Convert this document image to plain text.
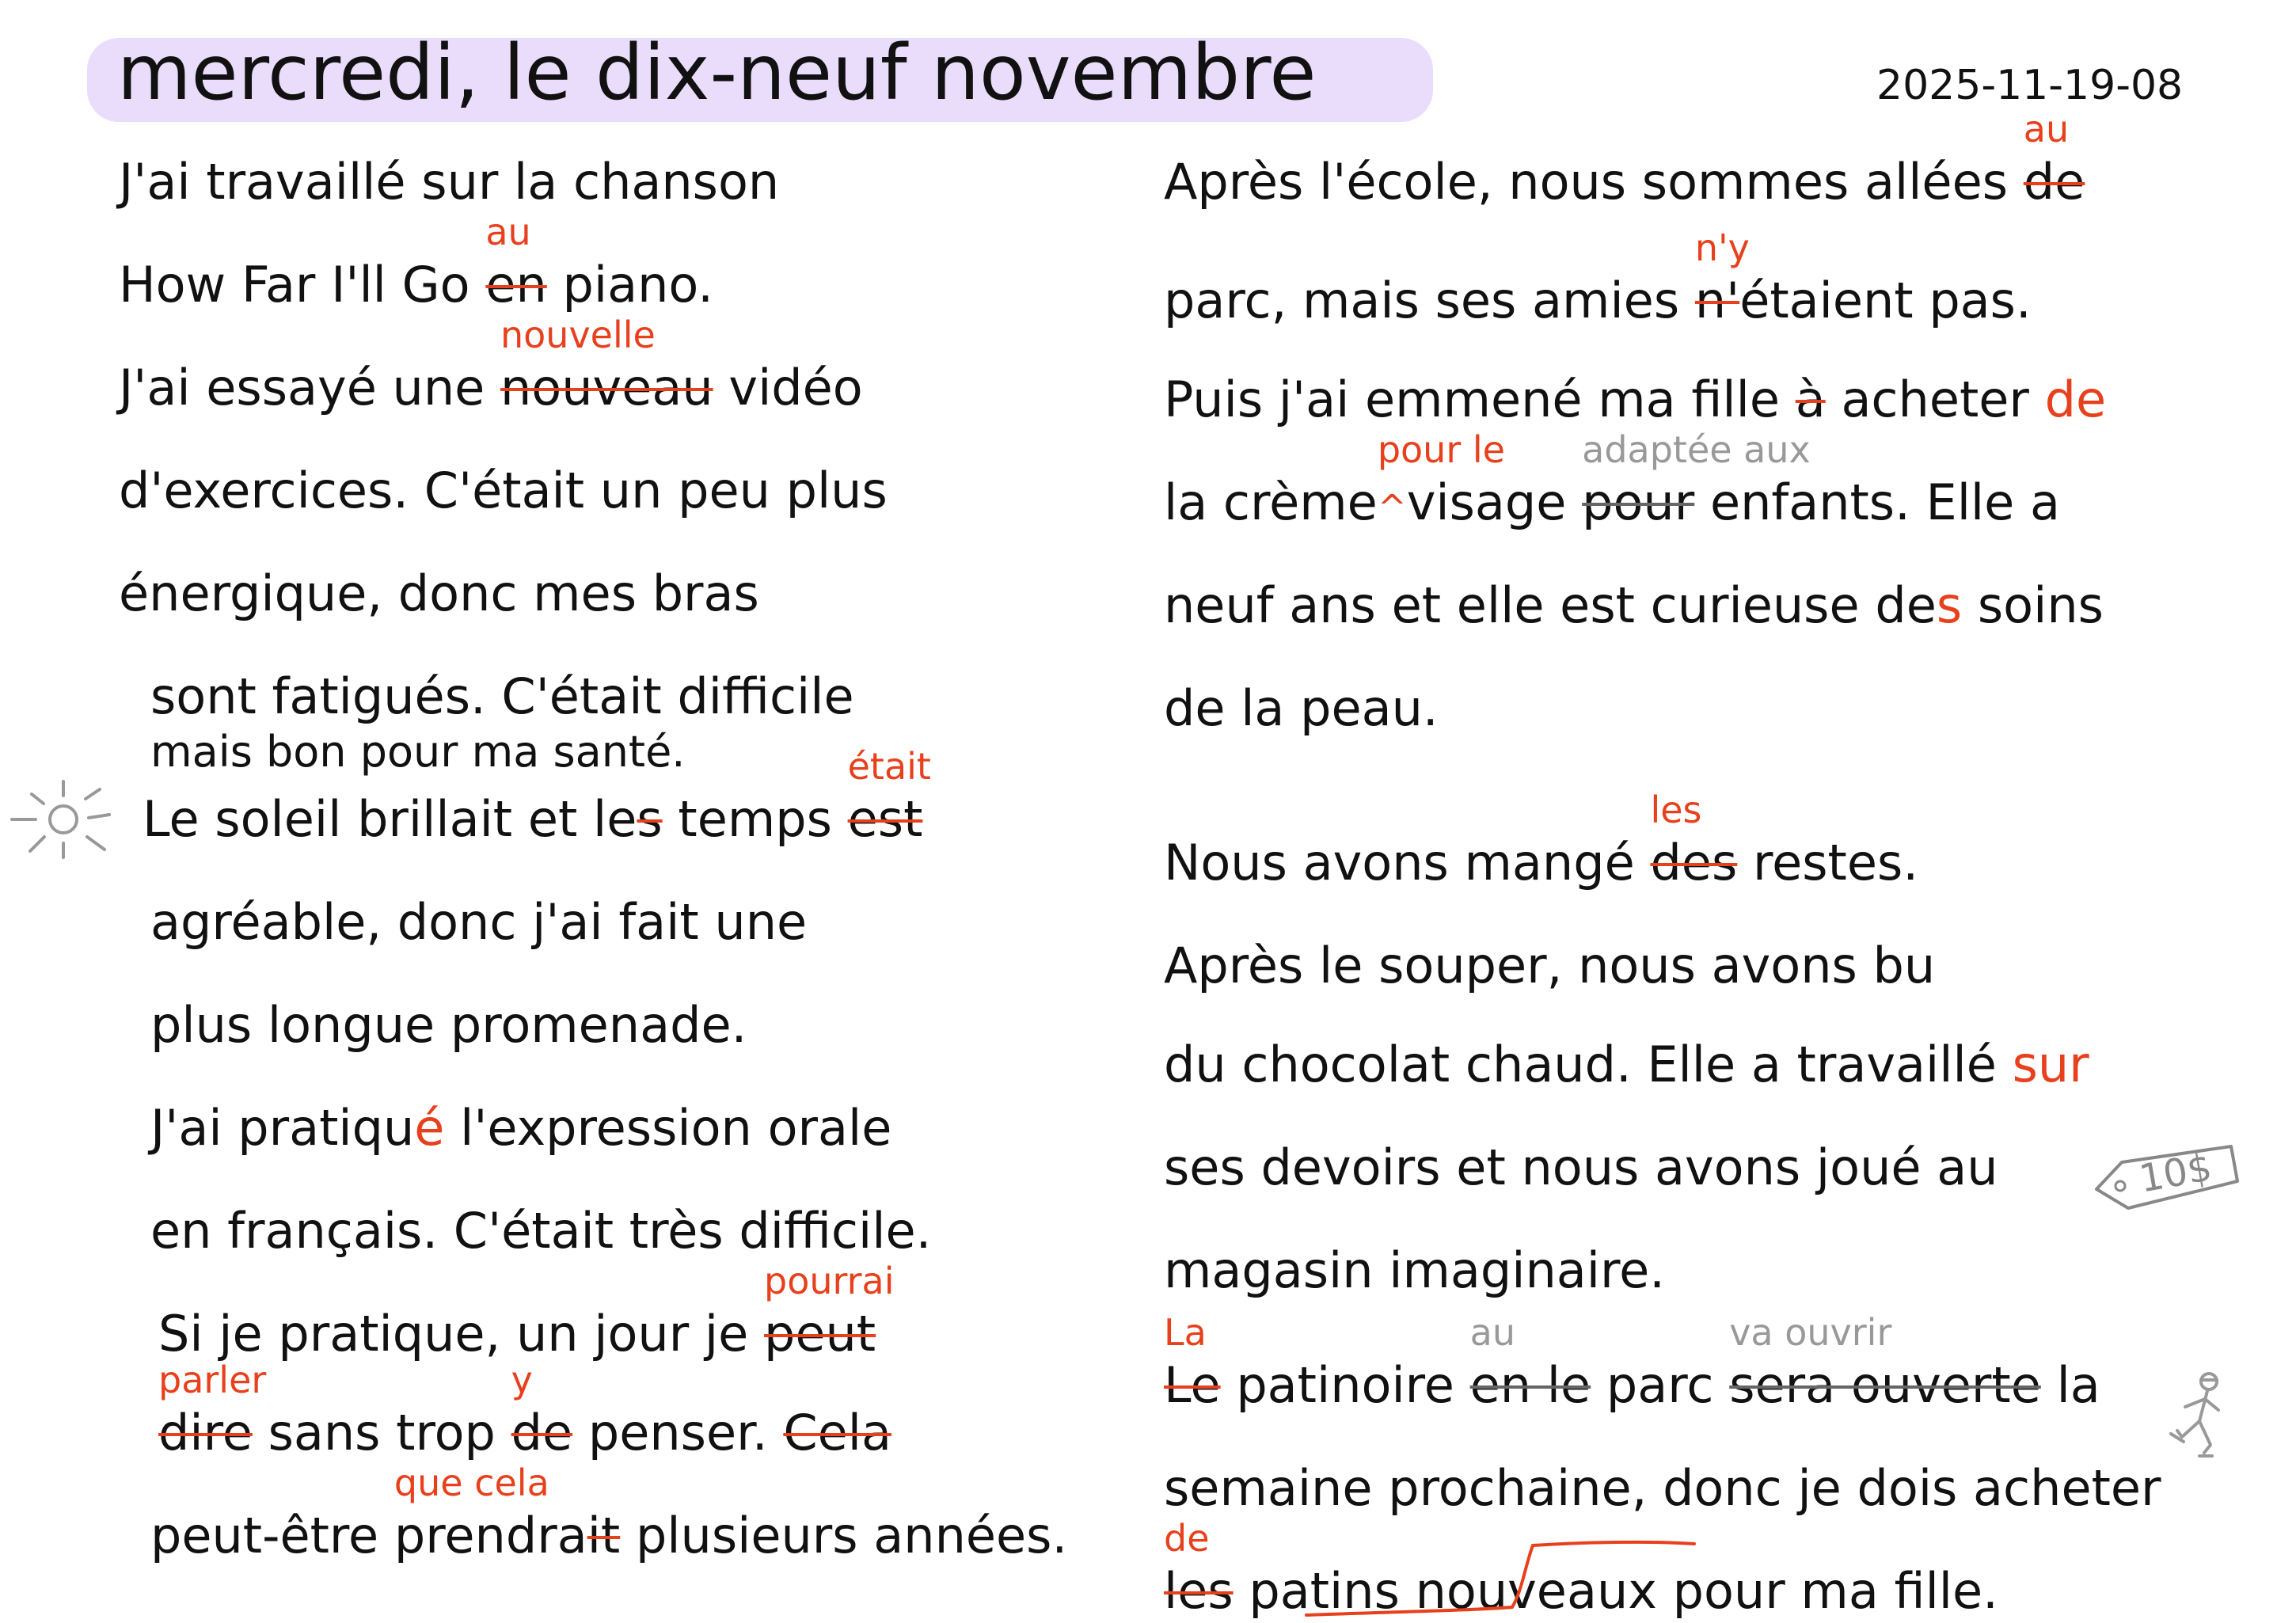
mercredi, le dix-neuf novembre	2025-11-19-08
J'ai travaillé sur la chanson
How Far I'll Go
au
en piano.
J'ai essayé une
nouvelle
nouveau vidéo
d'exercices. C'était un peu plus
énergique, donc mes bras
sont fatigués. C'était difficile
mais bon pour ma santé.
Le soleil brillait et les temps
était
est
agréable, donc j'ai fait une
plus longue promenade.
J'ai pratiqué l'expression orale
en français. C'était très difficile.
Si je pratique, un jour je
pourrai
peut
parler
dire sans trop
y
de penser. Cela
peut-être
que cela
prendrait plusieurs années.
Après l'école, nous sommes allées
au
de
parc, mais ses amies
n'y
n'étaient pas.
Puis j'ai emmené ma fille à acheter de
la crème
pour le
^visage
adaptée aux
pour enfants. Elle a
neuf ans et elle est curieuse des soins
de la peau.
Nous avons mangé
les
des restes.
Après le souper, nous avons bu
du chocolat chaud. Elle a travaillé sur
ses devoirs et nous avons joué au
magasin imaginaire.
La
Le patinoire
au
en le parc
va ouvrir
sera ouverte la
semaine prochaine, donc je dois acheter
de
les patins nouveaux pour ma fille.
10$
